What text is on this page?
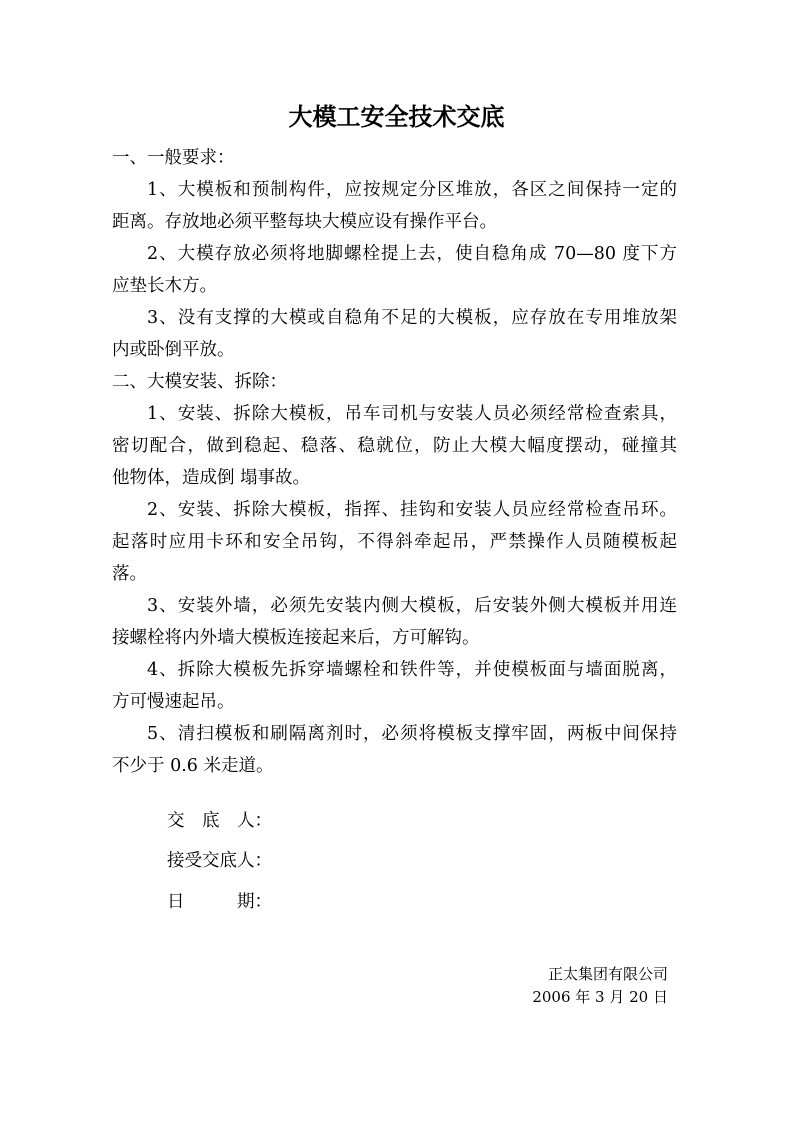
大模工安全技术交底
一、一般要求：
1、大模板和预制构件，应按规定分区堆放，各区之间保持一定的
距离。存放地必须平整每块大模应设有操作平台。
2、大模存放必须将地脚螺栓提上去，使自稳角成 70—80 度下方
应垫长木方。
3、没有支撑的大模或自稳角不足的大模板，应存放在专用堆放架
内或卧倒平放。
二、大模安装、拆除：
1、安装、拆除大模板，吊车司机与安装人员必须经常检查索具，
密切配合，做到稳起、稳落、稳就位，防止大模大幅度摆动，碰撞其
他物体，造成倒 塌事故。
2、安装、拆除大模板，指挥、挂钩和安装人员应经常检查吊环。
起落时应用卡环和安全吊钩，不得斜牵起吊，严禁操作人员随模板起
落。
3、安装外墙，必须先安装内侧大模板，后安装外侧大模板并用连
接螺栓将内外墙大模板连接起来后，方可解钩。
4、拆除大模板先拆穿墙螺栓和铁件等，并使模板面与墙面脱离，
方可慢速起吊。
5、清扫模板和刷隔离剂时，必须将模板支撑牢固，两板中间保持
不少于 0.6 米走道。
交　底　人：
接受交底人：
日　　　期：
正太集团有限公司
2006 年 3 月 20 日
